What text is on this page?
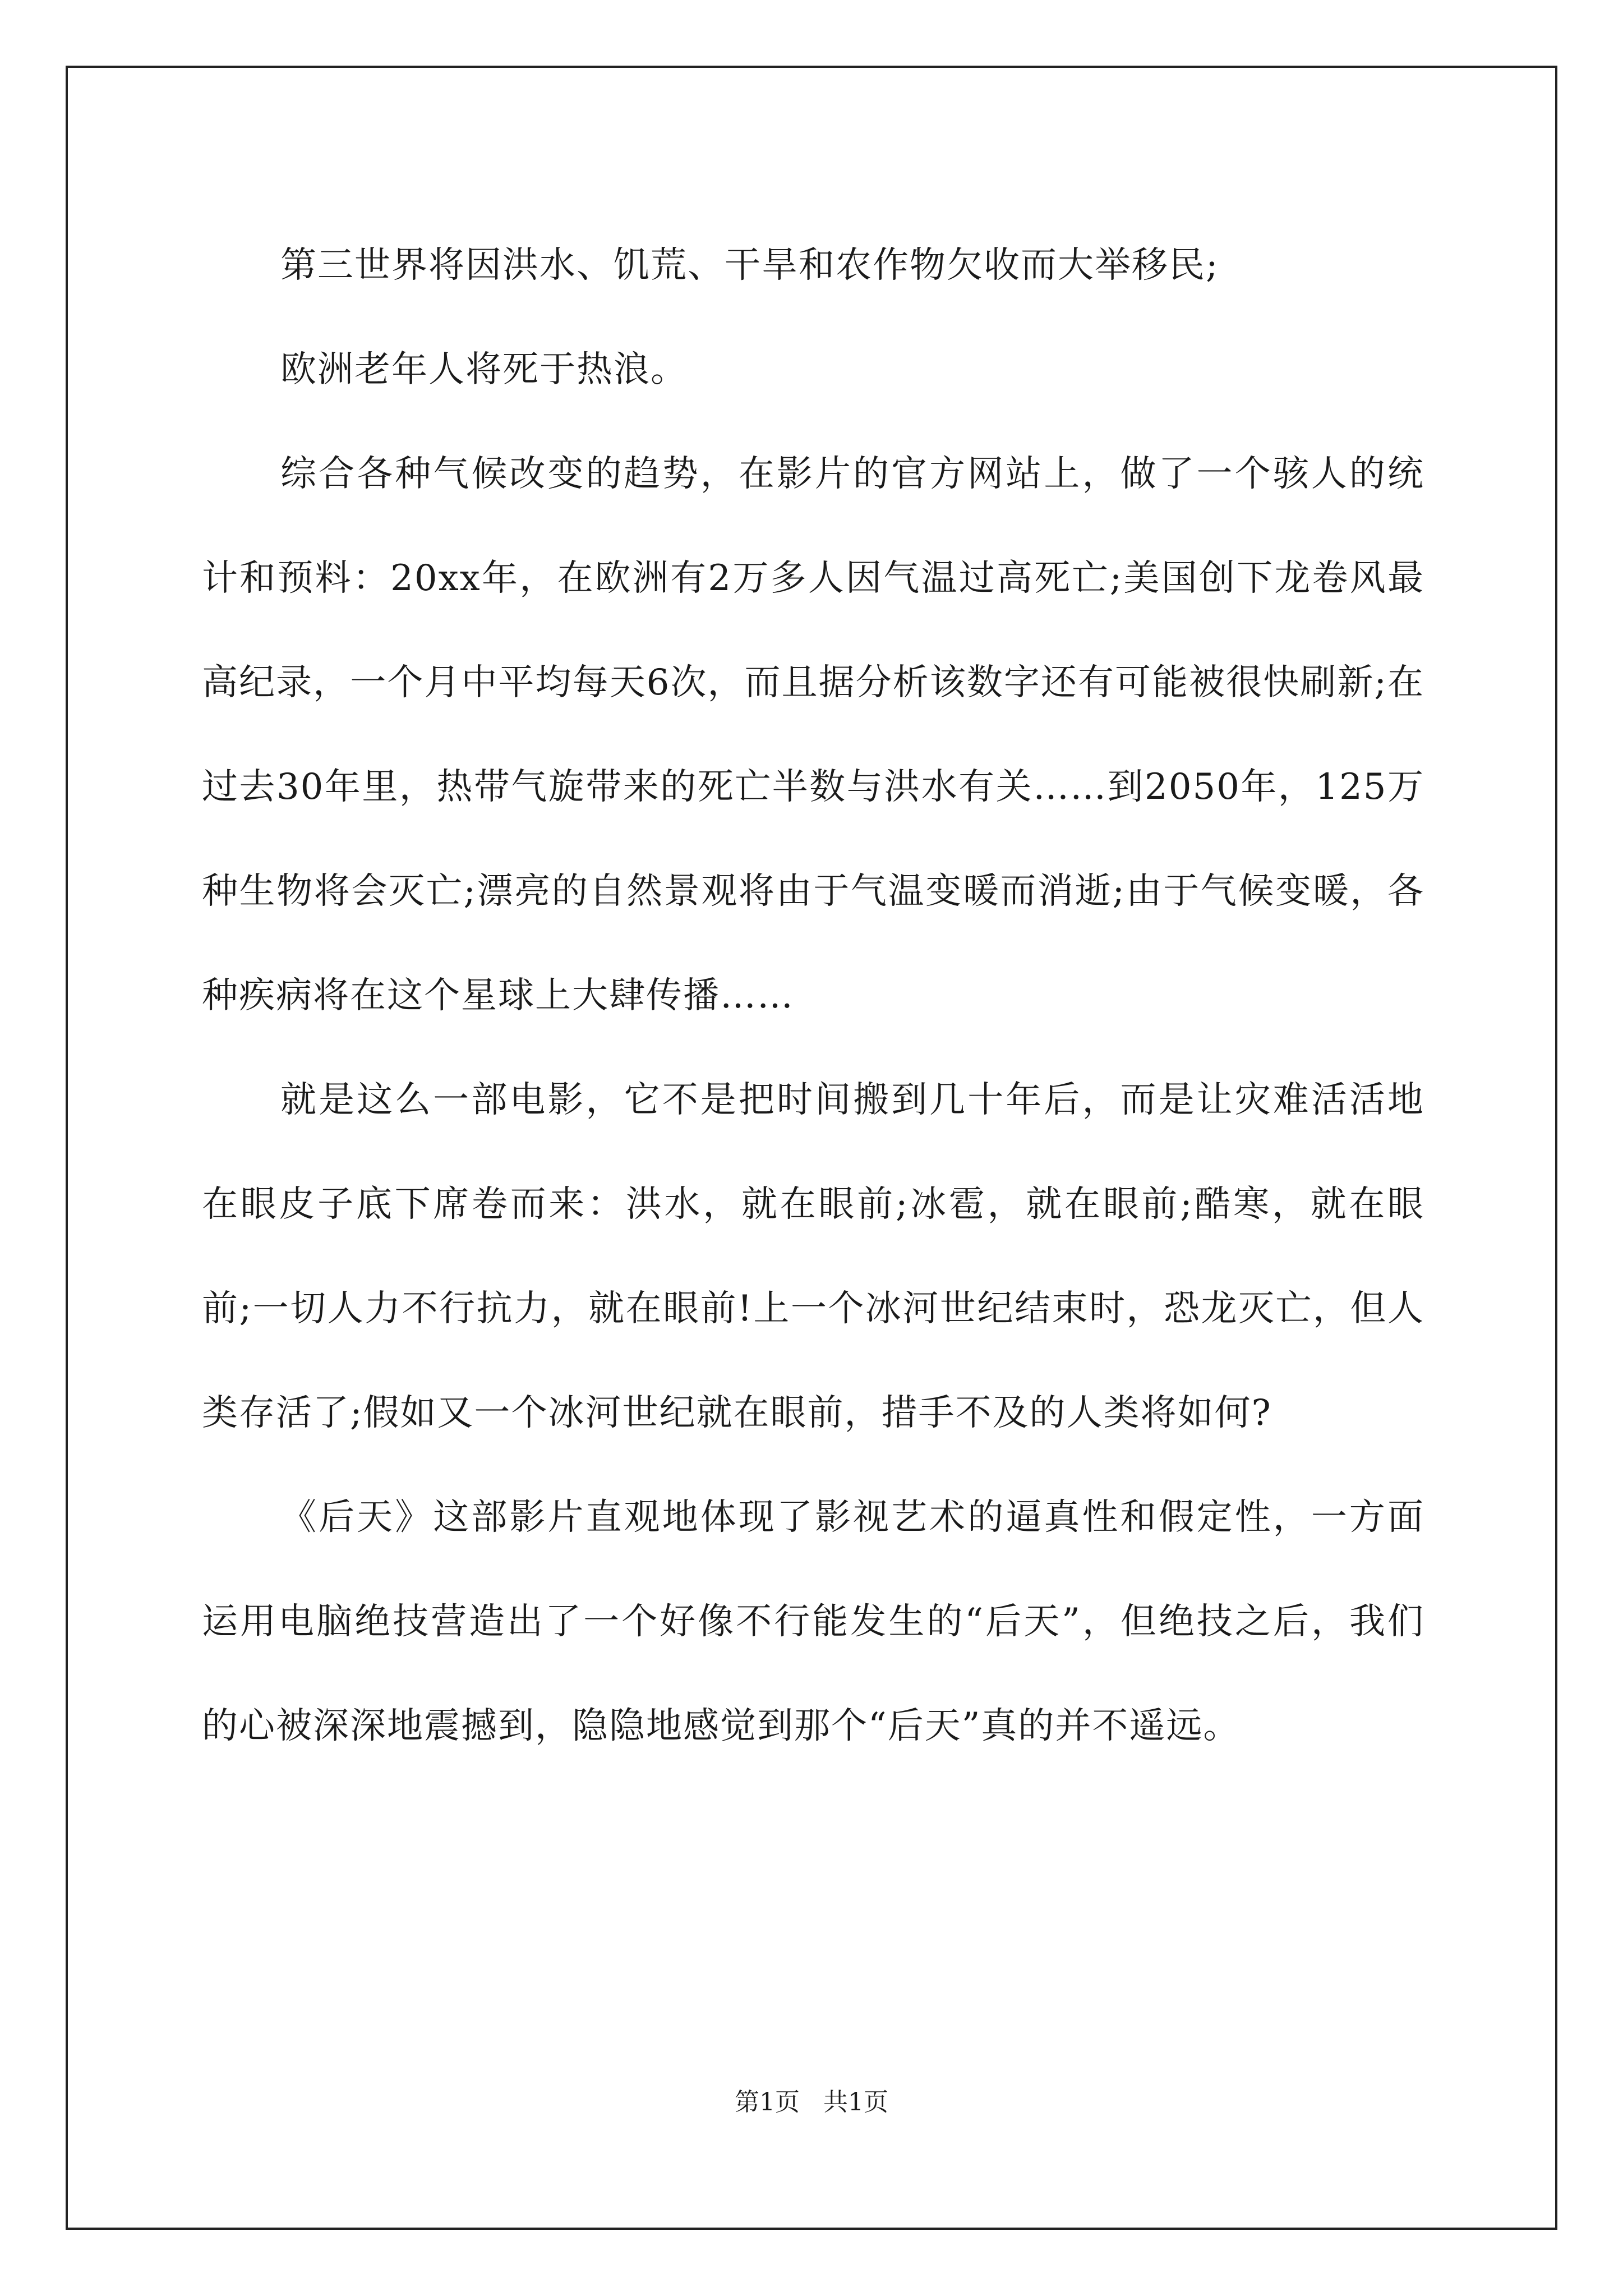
第三世界将因洪水、饥荒、干旱和农作物欠收而大举移民;

欧洲老年人将死于热浪。

综合各种气候改变的趋势，在影片的官方网站上，做了一个骇人的统计和预料：20xx年，在欧洲有2万多人因气温过高死亡;美国创下龙卷风最高纪录，一个月中平均每天6次，而且据分析该数字还有可能被很快刷新;在过去30年里，热带气旋带来的死亡半数与洪水有关……到2050年，125万种生物将会灭亡;漂亮的自然景观将由于气温变暖而消逝;由于气候变暖，各种疾病将在这个星球上大肆传播……

就是这么一部电影，它不是把时间搬到几十年后，而是让灾难活活地在眼皮子底下席卷而来：洪水，就在眼前;冰雹，就在眼前;酷寒，就在眼前;一切人力不行抗力，就在眼前!上一个冰河世纪结束时，恐龙灭亡，但人类存活了;假如又一个冰河世纪就在眼前，措手不及的人类将如何?

《后天》这部影片直观地体现了影视艺术的逼真性和假定性，一方面运用电脑绝技营造出了一个好像不行能发生的“后天”，但绝技之后，我们的心被深深地震撼到，隐隐地感觉到那个“后天”真的并不遥远。

第1页   共1页
